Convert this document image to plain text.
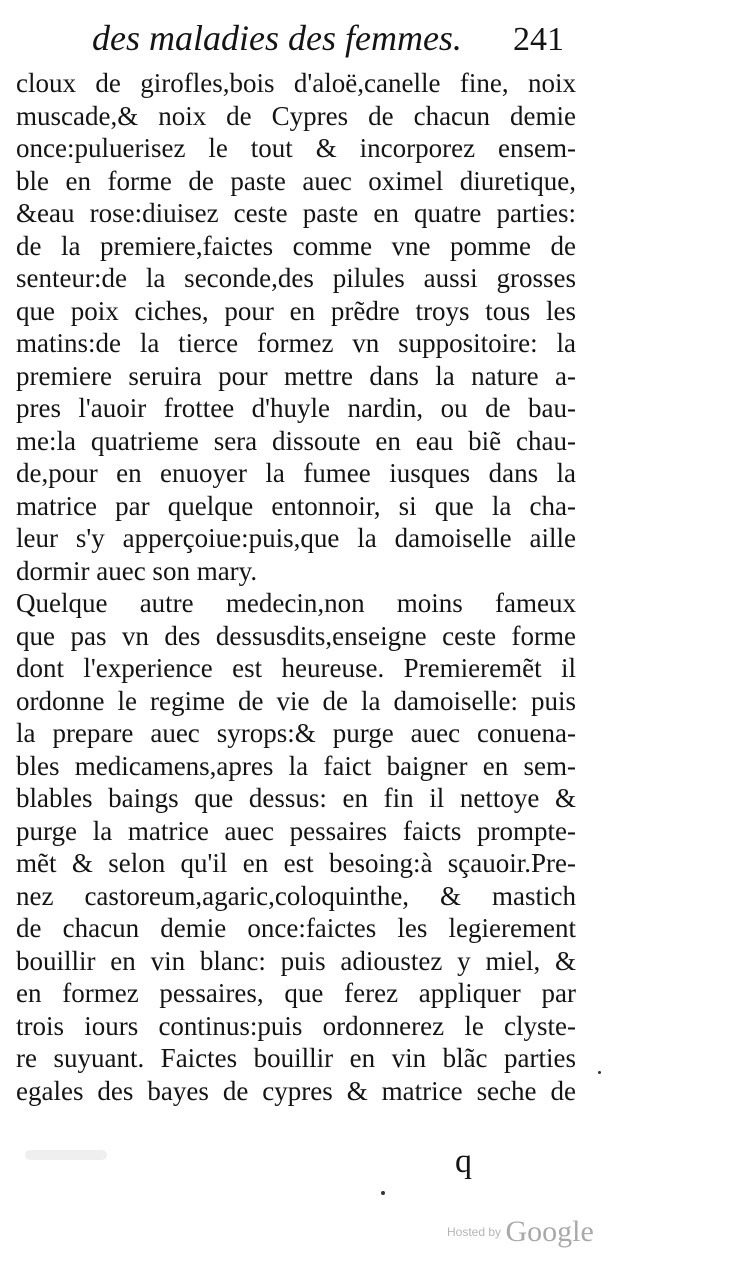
des maladies des femmes. 241
cloux de girofles,bois d'aloë,canelle fine, noix
muscade,& noix de Cypres de chacun demie
once:puluerisez le tout & incorporez ensem-
ble en forme de paste auec oximel diuretique,
&eau rose:diuisez ceste paste en quatre parties:
de la premiere,faictes comme vne pomme de
senteur:de la seconde,des pilules aussi grosses
que poix ciches, pour en prẽdre troys tous les
matins:de la tierce formez vn suppositoire: la
premiere seruira pour mettre dans la nature a-
pres l'auoir frottee d'huyle nardin, ou de bau-
me:la quatrieme sera dissoute en eau biẽ chau-
de,pour en enuoyer la fumee iusques dans la
matrice par quelque entonnoir, si que la cha-
leur s'y apperçoiue:puis,que la damoiselle aille
dormir auec son mary.
Quelque autre medecin,non moins fameux
que pas vn des dessusdits,enseigne ceste forme
dont l'experience est heureuse. Premieremẽt il
ordonne le regime de vie de la damoiselle: puis
la prepare auec syrops:& purge auec conuena-
bles medicamens,apres la faict baigner en sem-
blables baings que dessus: en fin il nettoye &
purge la matrice auec pessaires faicts prompte-
mẽt & selon qu'il en est besoing:à sçauoir.Pre-
nez castoreum,agaric,coloquinthe, & mastich
de chacun demie once:faictes les legierement
bouillir en vin blanc: puis adioustez y miel, &
en formez pessaires, que ferez appliquer par
trois iours continus:puis ordonnerez le clyste-
re suyuant. Faictes bouillir en vin blãc parties
egales des bayes de cypres & matrice seche de
q
Hosted by Google
